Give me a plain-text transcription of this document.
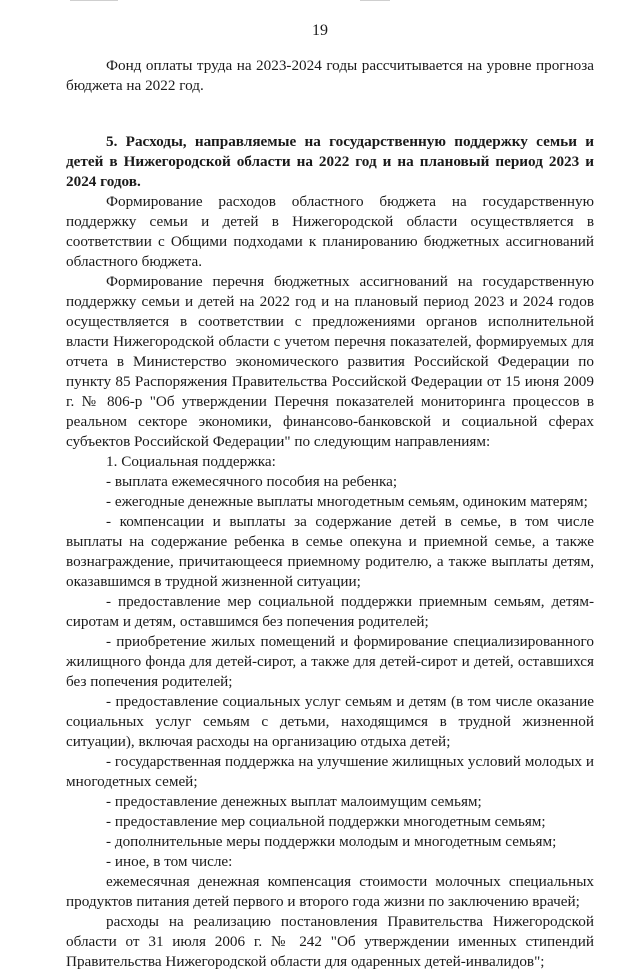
19

Фонд оплаты труда на 2023-2024 годы рассчитывается на уровне прогноза бюджета на 2022 год.

5. Расходы, направляемые на государственную поддержку семьи и детей в Нижегородской области на 2022 год и на плановый период 2023 и 2024 годов.

Формирование расходов областного бюджета на государственную поддержку семьи и детей в Нижегородской области осуществляется в соответствии с Общими подходами к планированию бюджетных ассигнований областного бюджета.

Формирование перечня бюджетных ассигнований на государственную поддержку семьи и детей на 2022 год и на плановый период 2023 и 2024 годов осуществляется в соответствии с предложениями органов исполнительной власти Нижегородской области с учетом перечня показателей, формируемых для отчета в Министерство экономического развития Российской Федерации по пункту 85 Распоряжения Правительства Российской Федерации от 15 июня 2009 г. № 806-р "Об утверждении Перечня показателей мониторинга процессов в реальном секторе экономики, финансово-банковской и социальной сферах субъектов Российской Федерации" по следующим направлениям:

1. Социальная поддержка:

- выплата ежемесячного пособия на ребенка;

- ежегодные денежные выплаты многодетным семьям, одиноким матерям;

- компенсации и выплаты за содержание детей в семье, в том числе выплаты на содержание ребенка в семье опекуна и приемной семье, а также вознаграждение, причитающееся приемному родителю, а также выплаты детям, оказавшимся в трудной жизненной ситуации;

- предоставление мер социальной поддержки приемным семьям, детям-сиротам и детям, оставшимся без попечения родителей;

- приобретение жилых помещений и формирование специализированного жилищного фонда для детей-сирот, а также для детей-сирот и детей, оставшихся без попечения родителей;

- предоставление социальных услуг семьям и детям (в том числе оказание социальных услуг семьям с детьми, находящимся в трудной жизненной ситуации), включая расходы на организацию отдыха детей;

- государственная поддержка на улучшение жилищных условий молодых и многодетных семей;

- предоставление денежных выплат малоимущим семьям;

- предоставление мер социальной поддержки многодетным семьям;

- дополнительные меры поддержки молодым и многодетным семьям;

- иное, в том числе:

ежемесячная денежная компенсация стоимости молочных специальных продуктов питания детей первого и второго года жизни по заключению врачей;

расходы на реализацию постановления Правительства Нижегородской области от 31 июля 2006 г. № 242 "Об утверждении именных стипендий Правительства Нижегородской области для одаренных детей-инвалидов";
